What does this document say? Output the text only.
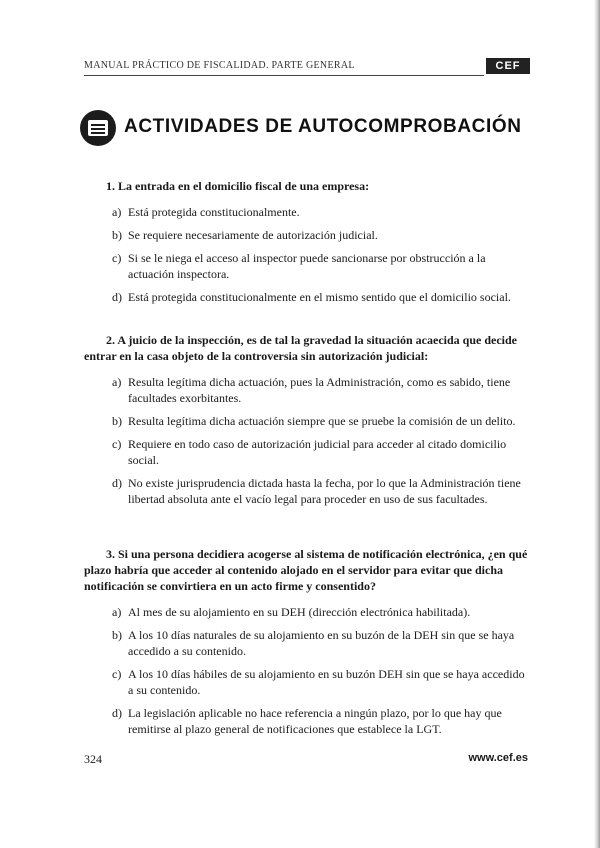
MANUAL PRÁCTICO DE FISCALIDAD. PARTE GENERAL	CEF
ACTIVIDADES DE AUTOCOMPROBACIÓN
1. La entrada en el domicilio fiscal de una empresa:
a) Está protegida constitucionalmente.
b) Se requiere necesariamente de autorización judicial.
c) Si se le niega el acceso al inspector puede sancionarse por obstrucción a la actuación inspectora.
d) Está protegida constitucionalmente en el mismo sentido que el domicilio social.
2. A juicio de la inspección, es de tal la gravedad la situación acaecida que decide entrar en la casa objeto de la controversia sin autorización judicial:
a) Resulta legítima dicha actuación, pues la Administración, como es sabido, tiene facultades exorbitantes.
b) Resulta legítima dicha actuación siempre que se pruebe la comisión de un delito.
c) Requiere en todo caso de autorización judicial para acceder al citado domicilio social.
d) No existe jurisprudencia dictada hasta la fecha, por lo que la Administración tiene libertad absoluta ante el vacío legal para proceder en uso de sus facultades.
3. Si una persona decidiera acogerse al sistema de notificación electrónica, ¿en qué plazo habría que acceder al contenido alojado en el servidor para evitar que dicha notificación se convirtiera en un acto firme y consentido?
a) Al mes de su alojamiento en su DEH (dirección electrónica habilitada).
b) A los 10 días naturales de su alojamiento en su buzón de la DEH sin que se haya accedido a su contenido.
c) A los 10 días hábiles de su alojamiento en su buzón DEH sin que se haya accedido a su contenido.
d) La legislación aplicable no hace referencia a ningún plazo, por lo que hay que remitirse al plazo general de notificaciones que establece la LGT.
324	www.cef.es
